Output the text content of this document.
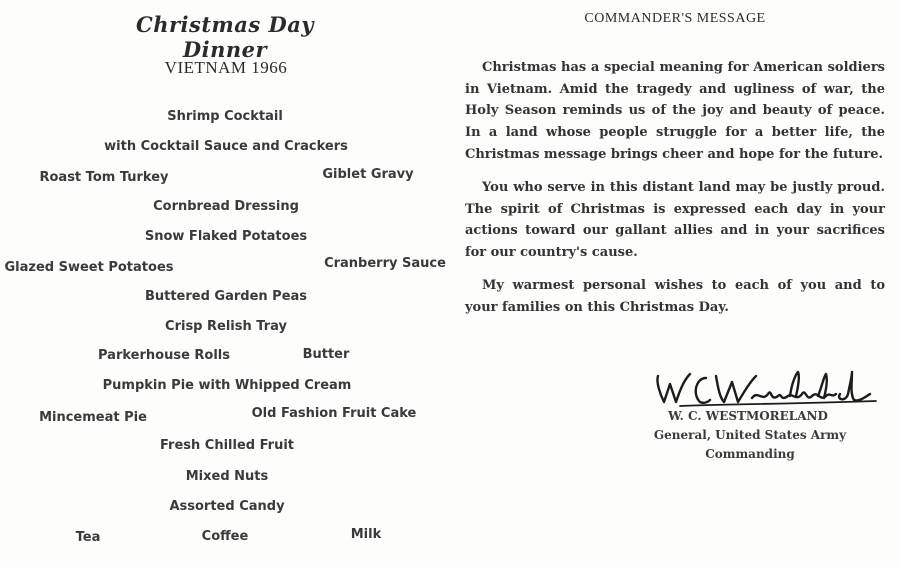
Christmas Day Dinner
VIETNAM 1966
Shrimp Cocktail
with Cocktail Sauce and Crackers
Roast Tom Turkey	Giblet Gravy
Cornbread Dressing
Snow Flaked Potatoes
Glazed Sweet Potatoes	Cranberry Sauce
Buttered Garden Peas
Crisp Relish Tray
Parkerhouse Rolls	Butter
Pumpkin Pie with Whipped Cream
Mincemeat Pie	Old Fashion Fruit Cake
Fresh Chilled Fruit
Mixed Nuts
Assorted Candy
Tea	Coffee	Milk
COMMANDER'S MESSAGE

Christmas has a special meaning for American soldiers in Vietnam. Amid the tragedy and ugliness of war, the Holy Season reminds us of the joy and beauty of peace. In a land whose people struggle for a better life, the Christmas message brings cheer and hope for the future.

You who serve in this distant land may be justly proud. The spirit of Christmas is expressed each day in your actions toward our gallant allies and in your sacrifices for our country's cause.

My warmest personal wishes to each of you and to your families on this Christmas Day.

W. C. WESTMORELAND
General, United States Army
Commanding
